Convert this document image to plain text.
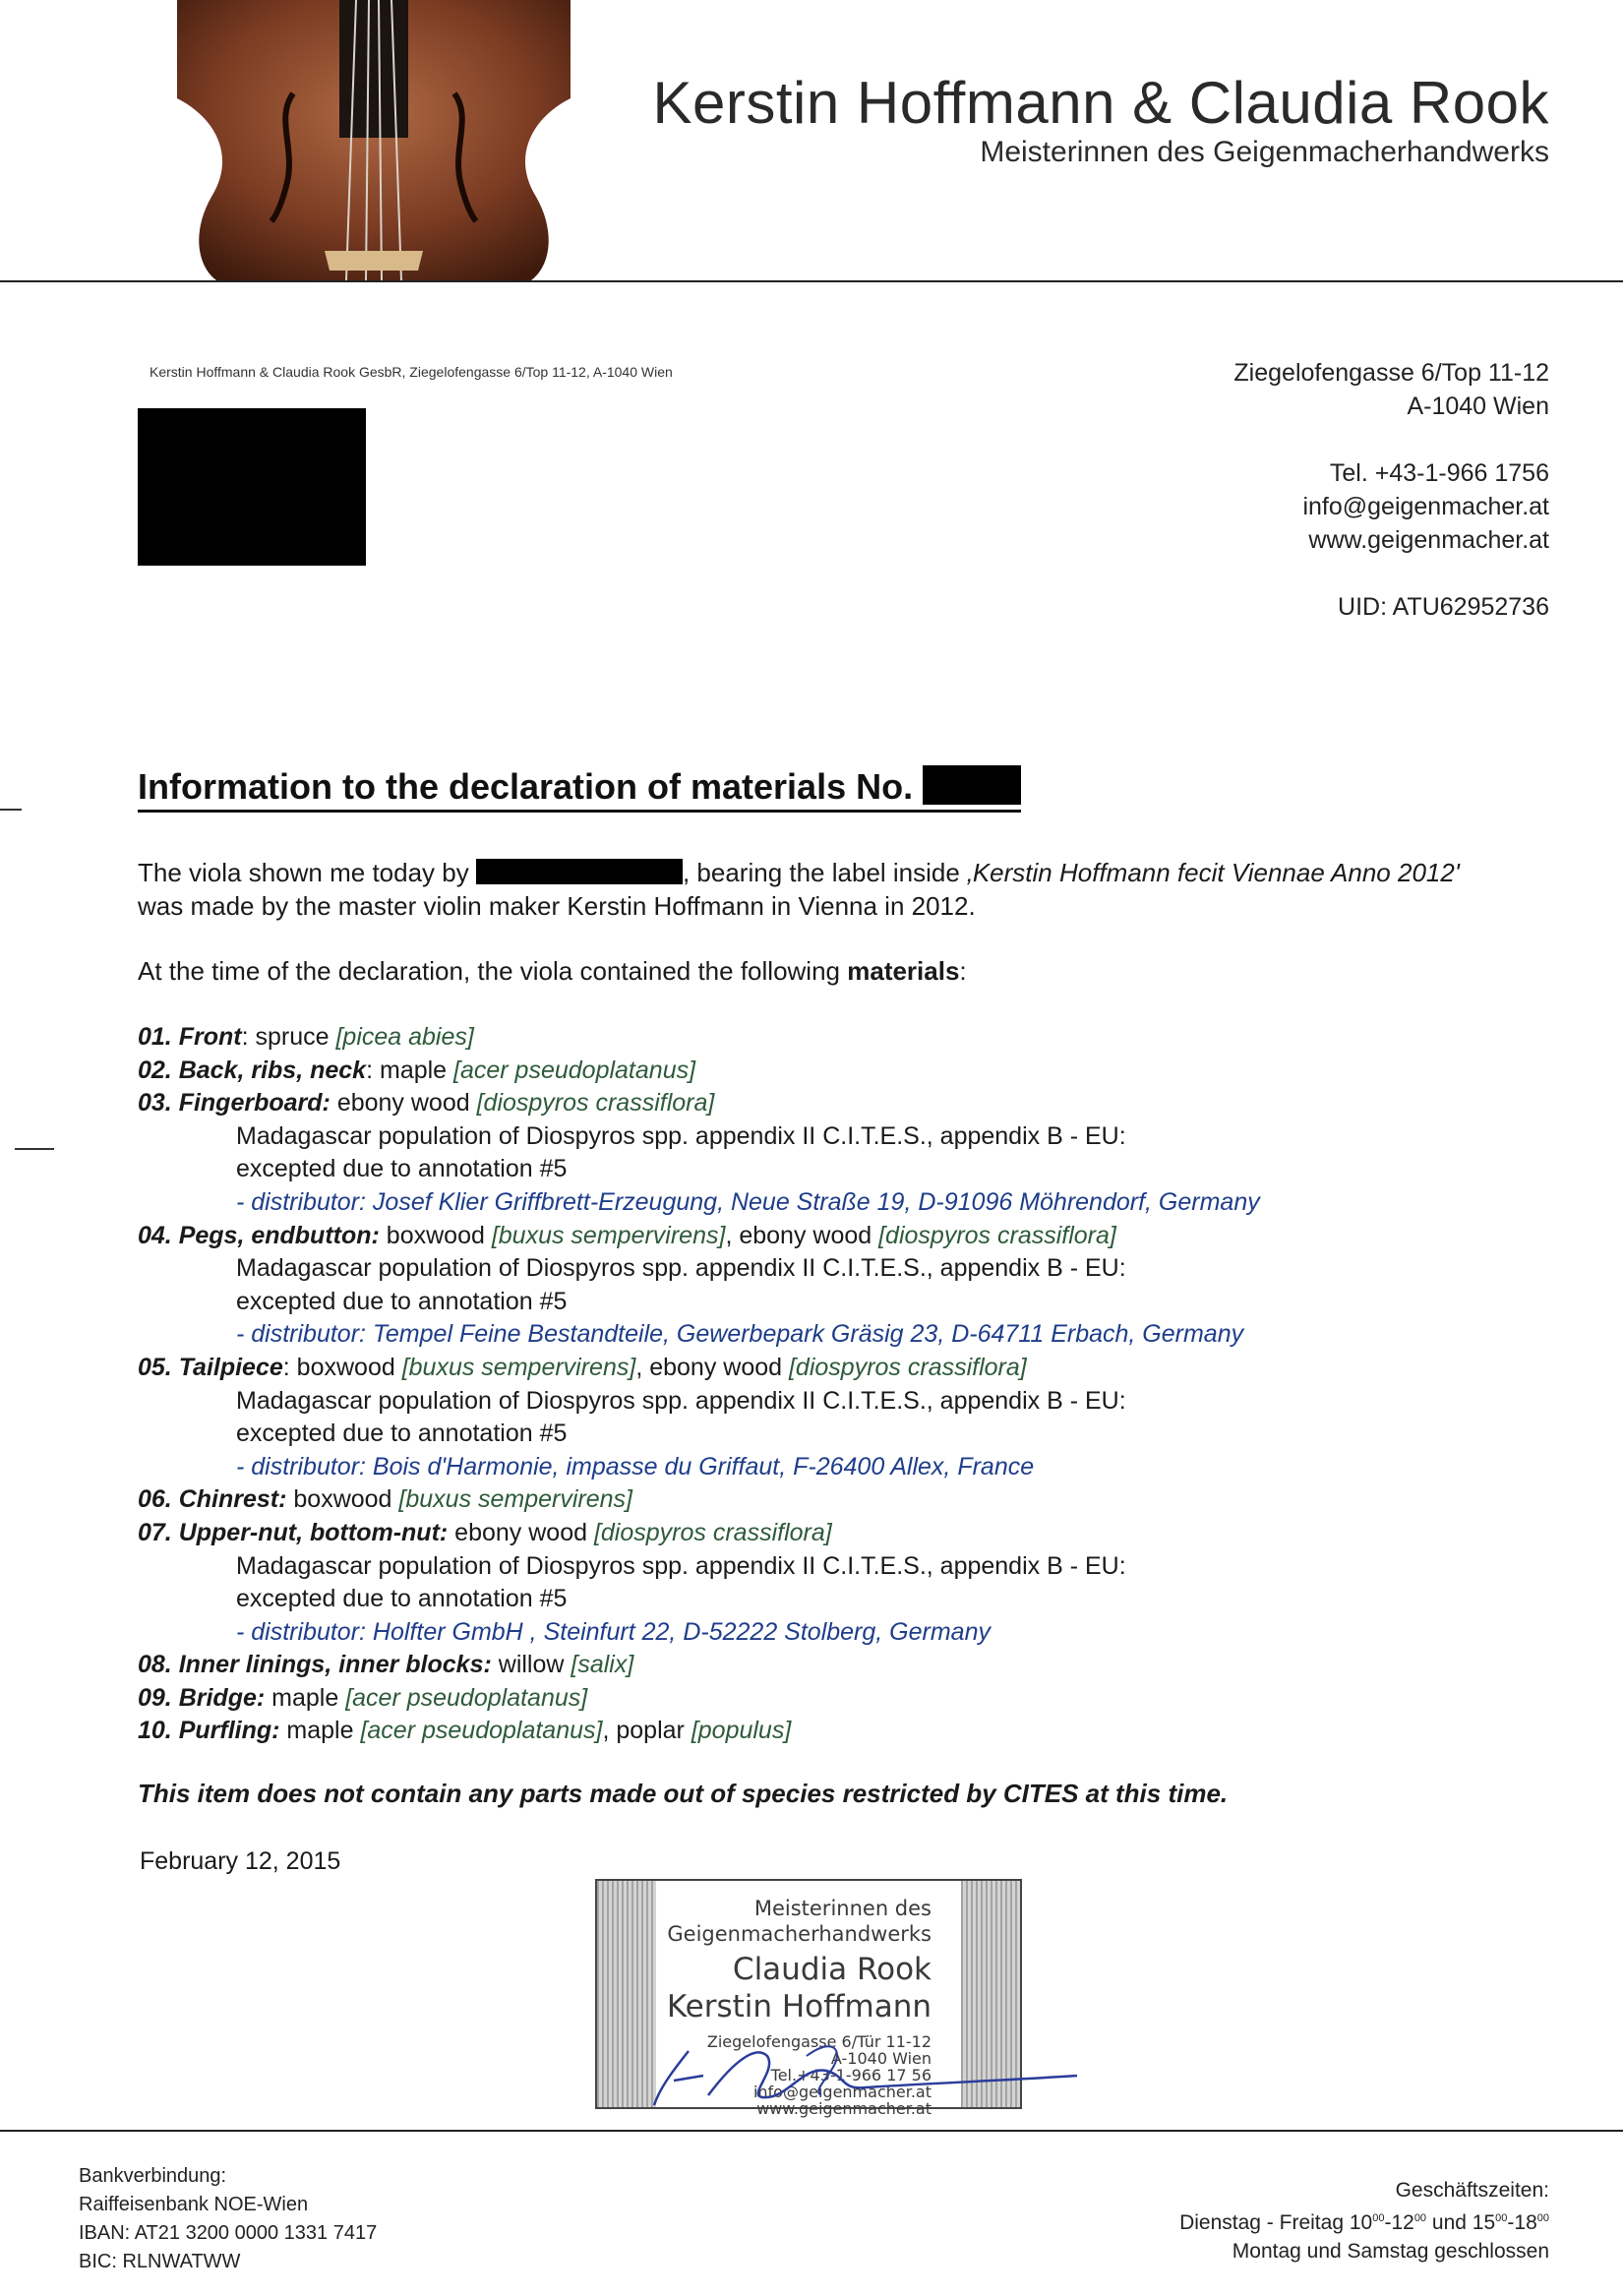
Kerstin Hoffmann & Claudia Rook
Meisterinnen des Geigenmacherhandwerks
Kerstin Hoffmann & Claudia Rook GesbR, Ziegelofengasse 6/Top 11-12, A-1040 Wien	Ziegelofengasse 6/Top 11-12
A-1040 Wien
Tel. +43-1-966 1756
info@geigenmacher.at
www.geigenmacher.at
UID: ATU62952736
Information to the declaration of materials No.
The viola shown me today by	, bearing the label inside ‚Kerstin Hoffmann fecit Viennae Anno 2012'
was made by the master violin maker Kerstin Hoffmann in Vienna in 2012.
At the time of the declaration, the viola contained the following materials:
01. Front: spruce [picea abies]
02. Back, ribs, neck: maple [acer pseudoplatanus]
03. Fingerboard: ebony wood [diospyros crassiflora]
Madagascar population of Diospyros spp. appendix II C.I.T.E.S., appendix B - EU:
excepted due to annotation #5
- distributor: Josef Klier Griffbrett-Erzeugung, Neue Straße 19, D-91096 Möhrendorf, Germany
04. Pegs, endbutton: boxwood [buxus sempervirens], ebony wood [diospyros crassiflora]
Madagascar population of Diospyros spp. appendix II C.I.T.E.S., appendix B - EU:
excepted due to annotation #5
- distributor: Tempel Feine Bestandteile, Gewerbepark Gräsig 23, D-64711 Erbach, Germany
05. Tailpiece: boxwood [buxus sempervirens], ebony wood [diospyros crassiflora]
Madagascar population of Diospyros spp. appendix II C.I.T.E.S., appendix B - EU:
excepted due to annotation #5
- distributor: Bois d'Harmonie, impasse du Griffaut, F-26400 Allex, France
06. Chinrest: boxwood [buxus sempervirens]
07. Upper-nut, bottom-nut: ebony wood [diospyros crassiflora]
Madagascar population of Diospyros spp. appendix II C.I.T.E.S., appendix B - EU:
excepted due to annotation #5
- distributor: Holfter GmbH , Steinfurt 22, D-52222 Stolberg, Germany
08. Inner linings, inner blocks: willow [salix]
09. Bridge: maple [acer pseudoplatanus]
10. Purfling: maple [acer pseudoplatanus], poplar [populus]
This item does not contain any parts made out of species restricted by CITES at this time.
February 12, 2015
Meisterinnen des
Geigenmacherhandwerks
Claudia Rook
Kerstin Hoffmann
Ziegelofengasse 6/Tür 11-12
A-1040 Wien
Tel.+43-1-966 17 56
info@geigenmacher.at
www.geigenmacher.at
Bankverbindung:
Raiffeisenbank NOE-Wien
IBAN: AT21 3200 0000 1331 7417
BIC: RLNWATWW
Geschäftszeiten:
Dienstag - Freitag $10^{00}-12^{00}$ und $15^{00}-18^{00}$
Montag und Samstag geschlossen
